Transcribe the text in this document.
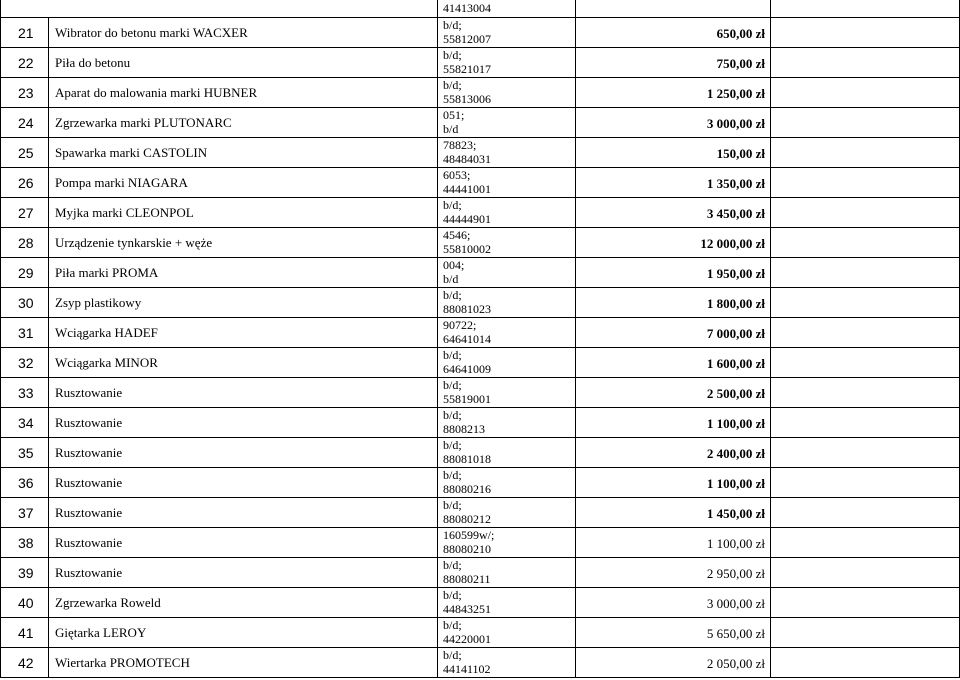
41413004
21	Wibrator do betonu marki WACXER	b/d;
55812007	650,00 zł
22	Piła do betonu	b/d;
55821017	750,00 zł
23	Aparat do malowania marki HUBNER	b/d;
55813006	1 250,00 zł
24	Zgrzewarka marki PLUTONARC	051;
b/d	3 000,00 zł
25	Spawarka marki CASTOLIN	78823;
48484031	150,00 zł
26	Pompa marki NIAGARA	6053;
44441001	1 350,00 zł
27	Myjka marki CLEONPOL	b/d;
44444901	3 450,00 zł
28	Urządzenie tynkarskie + węże	4546;
55810002	12 000,00 zł
29	Piła marki PROMA	004;
b/d	1 950,00 zł
30	Zsyp plastikowy	b/d;
88081023	1 800,00 zł
31	Wciągarka HADEF	90722;
64641014	7 000,00 zł
32	Wciągarka MINOR	b/d;
64641009	1 600,00 zł
33	Rusztowanie	b/d;
55819001	2 500,00 zł
34	Rusztowanie	b/d;
8808213	1 100,00 zł
35	Rusztowanie	b/d;
88081018	2 400,00 zł
36	Rusztowanie	b/d;
88080216	1 100,00 zł
37	Rusztowanie	b/d;
88080212	1 450,00 zł
38	Rusztowanie	160599w/;
88080210	1 100,00 zł
39	Rusztowanie	b/d;
88080211	2 950,00 zł
40	Zgrzewarka Roweld	b/d;
44843251	3 000,00 zł
41	Giętarka LEROY	b/d;
44220001	5 650,00 zł
42	Wiertarka PROMOTECH	b/d;
44141102	2 050,00 zł
